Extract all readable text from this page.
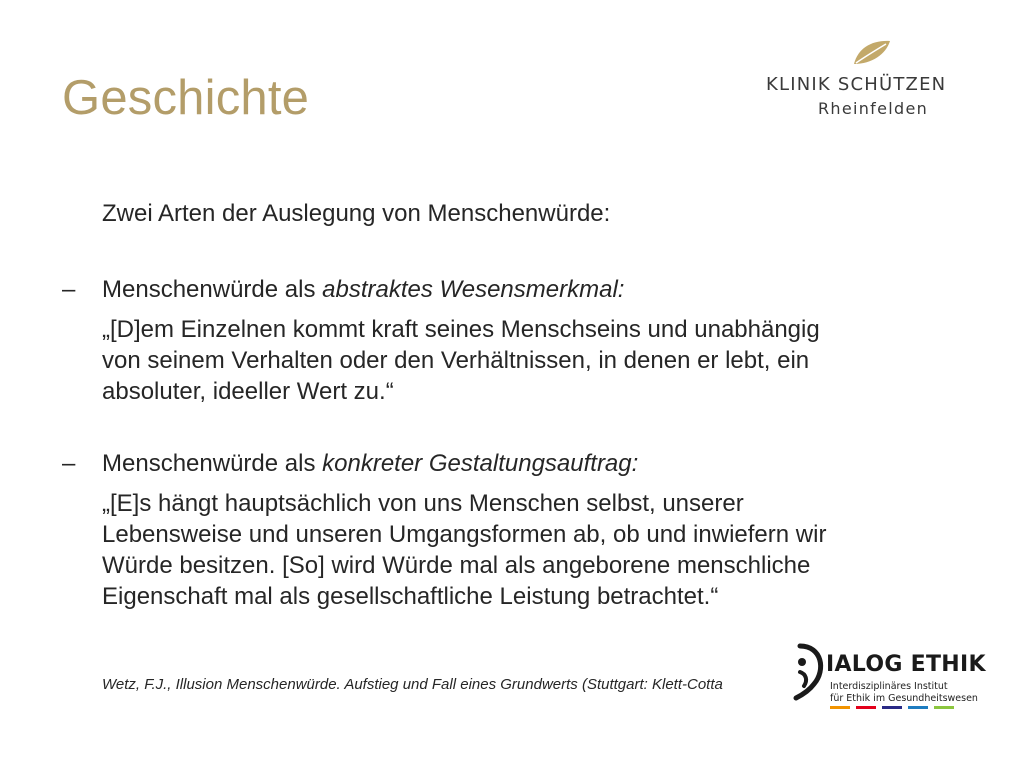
Geschichte	KLINIK SCHÜTZEN
Rheinfelden
Zwei Arten der Auslegung von Menschenwürde:
– Menschenwürde als abstraktes Wesensmerkmal:
„[D]em Einzelnen kommt kraft seines Menschseins und unabhängig
von seinem Verhalten oder den Verhältnissen, in denen er lebt, ein
absoluter, ideeller Wert zu.“
– Menschenwürde als konkreter Gestaltungsauftrag:
„[E]s hängt hauptsächlich von uns Menschen selbst, unserer
Lebensweise und unseren Umgangsformen ab, ob und inwiefern wir
Würde besitzen. [So] wird Würde mal als angeborene menschliche
Eigenschaft mal als gesellschaftliche Leistung betrachtet.“
Wetz, F.J., Illusion Menschenwürde. Aufstieg und Fall eines Grundwerts (Stuttgart: Klett-Cotta
IALOG ETHIK
Interdisziplinäres Institut
für Ethik im Gesundheitswesen
